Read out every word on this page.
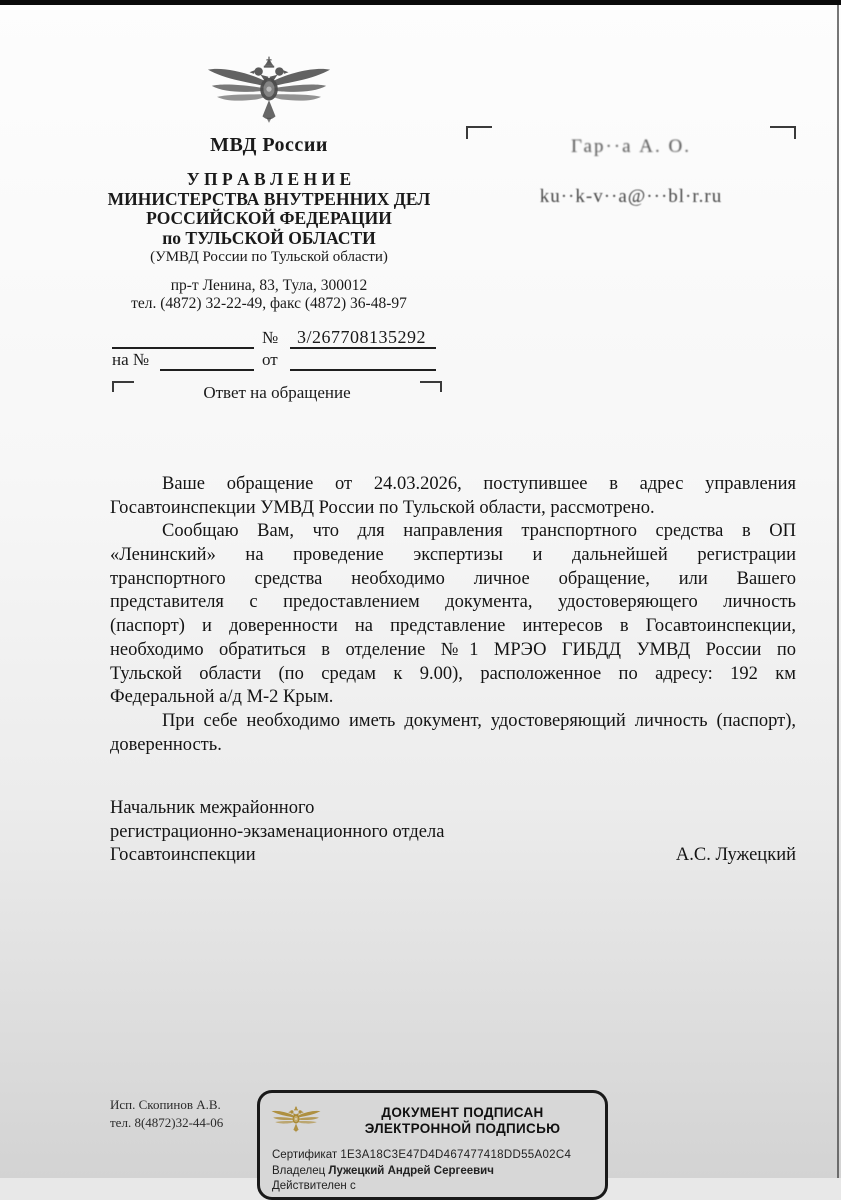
МВД России
У П Р А В Л Е Н И Е
МИНИСТЕРСТВА ВНУТРЕННИХ ДЕЛ
РОССИЙСКОЙ ФЕДЕРАЦИИ
по ТУЛЬСКОЙ ОБЛАСТИ
(УМВД России по Тульской области)
пр-т Ленина, 83, Тула, 300012
тел. (4872) 32-22-49, факс (4872) 36-48-97
Гар··а А. О.
ku··k-v··a@···bl·r.ru
№ 3/267708135292
на №	от
Ответ на обращение
Ваше обращение от 24.03.2026, поступившее в адрес управления
Госавтоинспекции УМВД России по Тульской области, рассмотрено.
Сообщаю Вам, что для направления транспортного средства в ОП
«Ленинский» на проведение экспертизы и дальнейшей регистрации
транспортного средства необходимо личное обращение, или Вашего
представителя с предоставлением документа, удостоверяющего личность
(паспорт) и доверенности на представление интересов в Госавтоинспекции,
необходимо обратиться в отделение №1 МРЭО ГИБДД УМВД России по
Тульской области (по средам к 9.00), расположенное по адресу: 192 км
Федеральной а/д М-2 Крым.
При себе необходимо иметь документ, удостоверяющий личность (паспорт),
доверенность.
Начальник межрайонного
регистрационно-экзаменационного отдела
Госавтоинспекции	А.С. Лужецкий
Исп. Скопинов А.В.
тел. 8(4872)32-44-06
ДОКУМЕНТ ПОДПИСАН
ЭЛЕКТРОННОЙ ПОДПИСЬЮ
Сертификат 1E3A18C3E47D4D467477418DD55A02C4
Владелец Лужецкий Андрей Сергеевич
Действителен с
